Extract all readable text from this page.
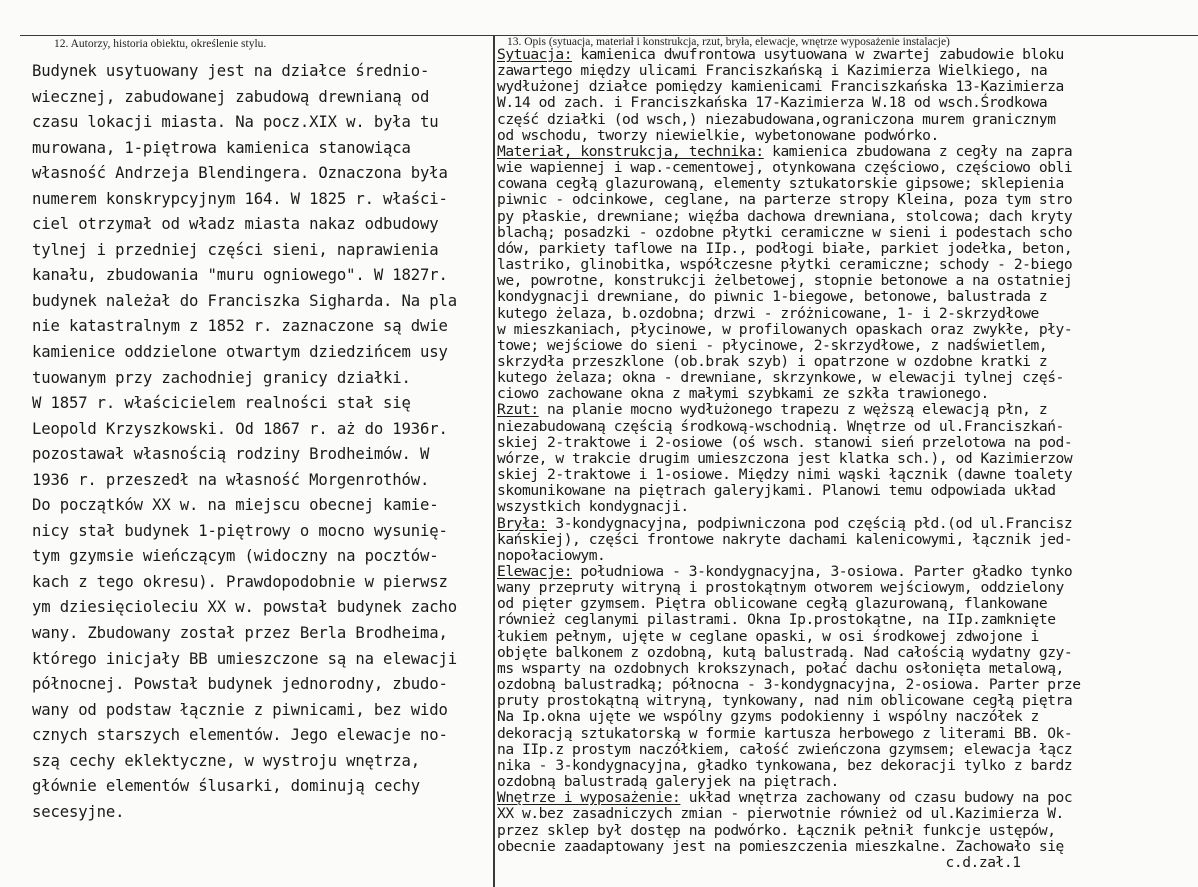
12. Autorzy, historia obiektu, określenie stylu.
Budynek usytuowany jest na działce średnio-
wiecznej, zabudowanej zabudową drewnianą od
czasu lokacji miasta. Na pocz.XIX w. była tu
murowana, 1-piętrowa kamienica stanowiąca
własność Andrzeja Blendingera. Oznaczona była
numerem konskrypcyjnym 164. W 1825 r. właści-
ciel otrzymał od władz miasta nakaz odbudowy
tylnej i przedniej części sieni, naprawienia
kanału, zbudowania "muru ogniowego". W 1827r.
budynek należał do Franciszka Sigharda. Na pla
nie katastralnym z 1852 r. zaznaczone są dwie
kamienice oddzielone otwartym dziedzińcem usy
tuowanym przy zachodniej granicy działki.
W 1857 r. właścicielem realności stał się
Leopold Krzyszkowski. Od 1867 r. aż do 1936r.
pozostawał własnością rodziny Brodheimów. W
1936 r. przeszedł na własność Morgenrothów.
Do początków XX w. na miejscu obecnej kamie-
nicy stał budynek 1-piętrowy o mocno wysunię-
tym gzymsie wieńczącym (widoczny na pocztów-
kach z tego okresu). Prawdopodobnie w pierwsz
ym dziesięcioleciu XX w. powstał budynek zacho
wany. Zbudowany został przez Berla Brodheima,
którego inicjały BB umieszczone są na elewacji
północnej. Powstał budynek jednorodny, zbudo-
wany od podstaw łącznie z piwnicami, bez wido
cznych starszych elementów. Jego elewacje no-
szą cechy eklektyczne, w wystroju wnętrza,
głównie elementów ślusarki, dominują cechy
secesyjne.
13. Opis (sytuacja, materiał i konstrukcja, rzut, bryła, elewacje, wnętrze wyposażenie instalacje)
Sytuacja: kamienica dwufrontowa usytuowana w zwartej zabudowie bloku
zawartego między ulicami Franciszkańską i Kazimierza Wielkiego, na
wydłużonej działce pomiędzy kamienicami Franciszkańska 13-Kazimierza
W.14 od zach. i Franciszkańska 17-Kazimierza W.18 od wsch.Środkowa
część działki (od wsch,) niezabudowana,ograniczona murem granicznym
od wschodu, tworzy niewielkie, wybetonowane podwórko.
Materiał, konstrukcja, technika: kamienica zbudowana z cegły na zapra
wie wapiennej i wap.-cementowej, otynkowana częściowo, częściowo obli
cowana cegłą glazurowaną, elementy sztukatorskie gipsowe; sklepienia
piwnic - odcinkowe, ceglane, na parterze stropy Kleina, poza tym stro
py płaskie, drewniane; więźba dachowa drewniana, stolcowa; dach kryty
blachą; posadzki - ozdobne płytki ceramiczne w sieni i podestach scho
dów, parkiety taflowe na IIp., podłogi białe, parkiet jodełka, beton,
lastriko, glinobitka, współczesne płytki ceramiczne; schody - 2-biego
we, powrotne, konstrukcji żelbetowej, stopnie betonowe a na ostatniej
kondygnacji drewniane, do piwnic 1-biegowe, betonowe, balustrada z
kutego żelaza, b.ozdobna; drzwi - zróżnicowane, 1- i 2-skrzydłowe
w mieszkaniach, płycinowe, w profilowanych opaskach oraz zwykłe, pły-
towe; wejściowe do sieni - płycinowe, 2-skrzydłowe, z nadświetlem,
skrzydła przeszklone (ob.brak szyb) i opatrzone w ozdobne kratki z
kutego żelaza; okna - drewniane, skrzynkowe, w elewacji tylnej częś-
ciowo zachowane okna z małymi szybkami ze szkła trawionego.
Rzut: na planie mocno wydłużonego trapezu z węższą elewacją płn, z
niezabudowaną częścią środkową-wschodnią. Wnętrze od ul.Franciszkań-
skiej 2-traktowe i 2-osiowe (oś wsch. stanowi sień przelotowa na pod-
wórze, w trakcie drugim umieszczona jest klatka sch.), od Kazimierzow
skiej 2-traktowe i 1-osiowe. Między nimi wąski łącznik (dawne toalety
skomunikowane na piętrach galeryjkami. Planowi temu odpowiada układ
wszystkich kondygnacji.
Bryła: 3-kondygnacyjna, podpiwniczona pod częścią płd.(od ul.Francisz
kańskiej), części frontowe nakryte dachami kalenicowymi, łącznik jed-
nopołaciowym.
Elewacje: południowa - 3-kondygnacyjna, 3-osiowa. Parter gładko tynko
wany przepruty witryną i prostokątnym otworem wejściowym, oddzielony
od pięter gzymsem. Piętra oblicowane cegłą glazurowaną, flankowane
również ceglanymi pilastrami. Okna Ip.prostokątne, na IIp.zamknięte
łukiem pełnym, ujęte w ceglane opaski, w osi środkowej zdwojone i
objęte balkonem z ozdobną, kutą balustradą. Nad całością wydatny gzy-
ms wsparty na ozdobnych krokszynach, połać dachu osłonięta metalową,
ozdobną balustradką; północna - 3-kondygnacyjna, 2-osiowa. Parter prze
pruty prostokątną witryną, tynkowany, nad nim oblicowane cegłą piętra
Na Ip.okna ujęte we wspólny gzyms podokienny i wspólny naczółek z
dekoracją sztukatorską w formie kartusza herbowego z literami BB. Ok-
na IIp.z prostym naczółkiem, całość zwieńczona gzymsem; elewacja łącz
nika - 3-kondygnacyjna, gładko tynkowana, bez dekoracji tylko z bardz
ozdobną balustradą galeryjek na piętrach.
Wnętrze i wyposażenie: układ wnętrza zachowany od czasu budowy na poc
XX w.bez zasadniczych zmian - pierwotnie również od ul.Kazimierza W.
przez sklep był dostęp na podwórko. Łącznik pełnił funkcje ustępów,
obecnie zaadaptowany jest na pomieszczenia mieszkalne. Zachowało się
c.d.zał.1
